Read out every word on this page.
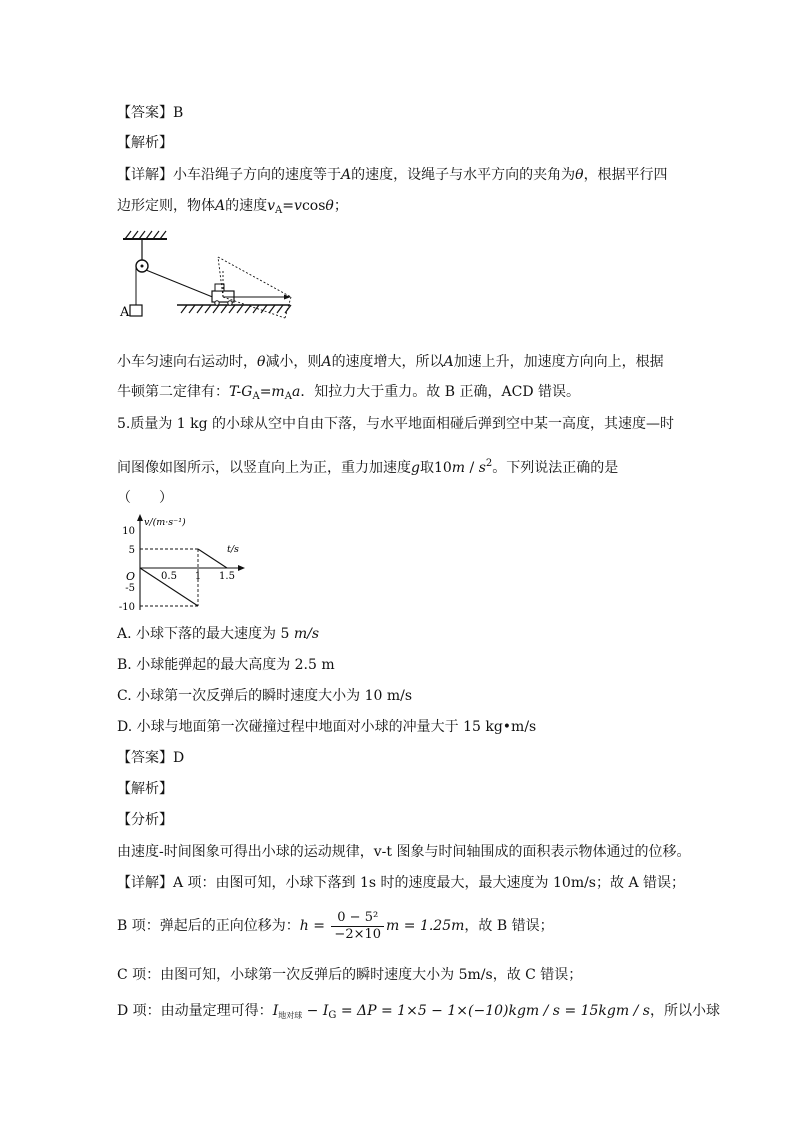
【答案】B
【解析】
【详解】小车沿绳子方向的速度等于A的速度，设绳子与水平方向的夹角为θ，根据平行四
边形定则，物体A的速度$v_A=vcos\theta$；
A
小车匀速向右运动时，θ减小，则A的速度增大，所以A加速上升，加速度方向向上，根据
牛顿第二定律有：$T-G_A=m_Aa$．知拉力大于重力。故 B 正确，ACD 错误。
5.质量为 1 kg 的小球从空中自由下落，与水平地面相碰后弹到空中某一高度，其速度—时
间图像如图所示，以竖直向上为正，重力加速度g取$10m / s^2$。下列说法正确的是
（　　）
10
5
-5
-10
O	0.5 1 1.5
v/(m·s⁻¹)
t/s
A. 小球下落的最大速度为 5 m/s
B. 小球能弹起的最大高度为 2.5 m
C. 小球第一次反弹后的瞬时速度大小为 10 m/s
D. 小球与地面第一次碰撞过程中地面对小球的冲量大于 15 kg•m/s
【答案】D
【解析】
【分析】
由速度-时间图象可得出小球的运动规律，v-t 图象与时间轴围成的面积表示物体通过的位移。
【详解】A 项：由图可知，小球下落到 1s 时的速度最大，最大速度为 10m/s；故 A 错误；
B 项：弹起后的正向位移为：$h = \frac{\text{0 − 5²}}{-2\times 10}$ m = 1.25m，故 B 错误；
C 项：由图可知，小球第一次反弹后的瞬时速度大小为 5m/s，故 C 错误；
D 项：由动量定理可得：$I_{地对球} - I_G = \Delta P = 1\times 5 - 1\times(-10)kgm / s = 15kgm / s$，所以小球
